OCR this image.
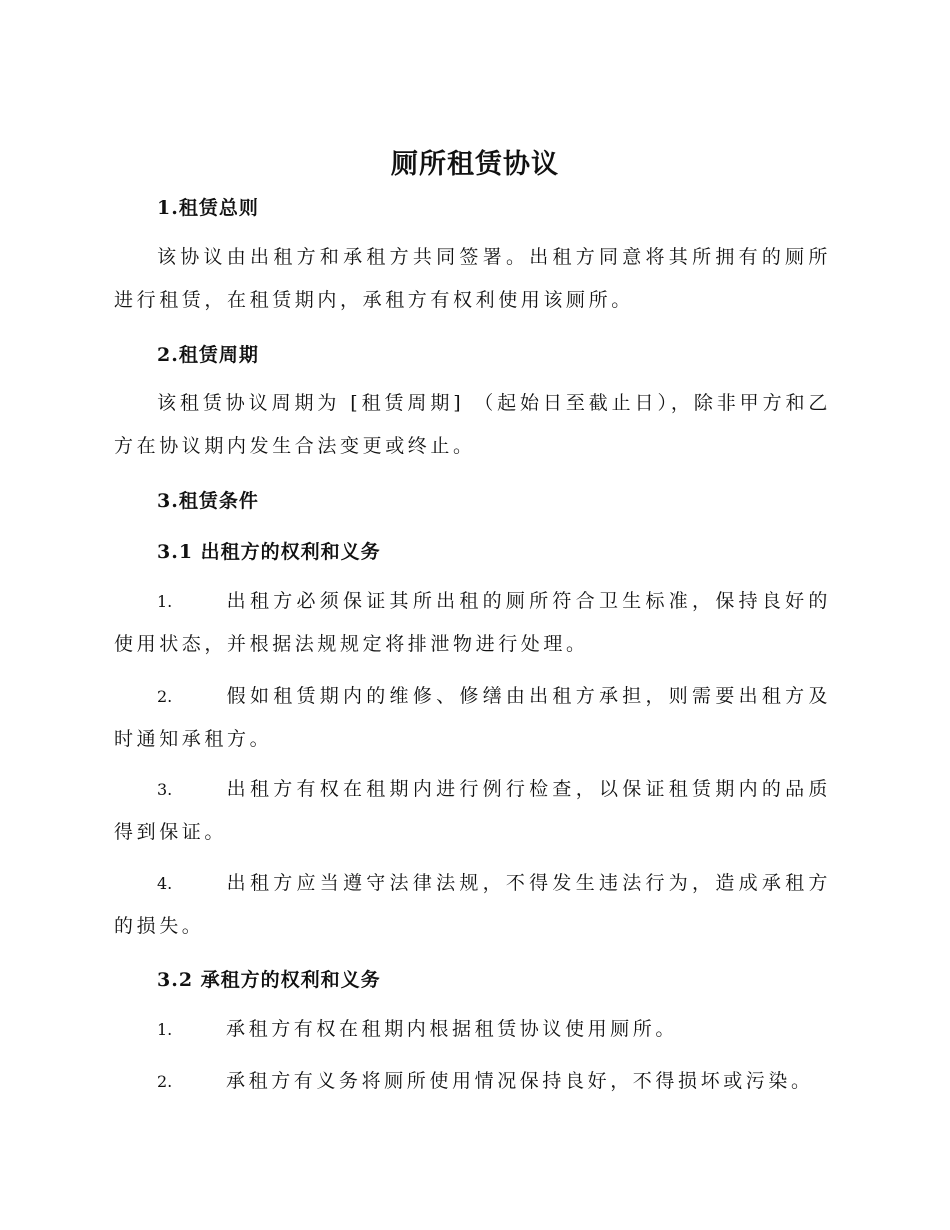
厕所租赁协议
1.租赁总则

该协议由出租方和承租方共同签署。出租方同意将其所拥有的厕所进行租赁，在租赁期内，承租方有权利使用该厕所。

2.租赁周期

该租赁协议周期为 [租赁周期] （起始日至截止日），除非甲方和乙方在协议期内发生合法变更或终止。

3.租赁条件
3.1 出租方的权利和义务

1.	出租方必须保证其所出租的厕所符合卫生标准，保持良好的使用状态，并根据法规规定将排泄物进行处理。

2.	假如租赁期内的维修、修缮由出租方承担，则需要出租方及时通知承租方。

3.	出租方有权在租期内进行例行检查，以保证租赁期内的品质得到保证。

4.	出租方应当遵守法律法规，不得发生违法行为，造成承租方的损失。

3.2 承租方的权利和义务

1.	承租方有权在租期内根据租赁协议使用厕所。

2.	承租方有义务将厕所使用情况保持良好，不得损坏或污染。
